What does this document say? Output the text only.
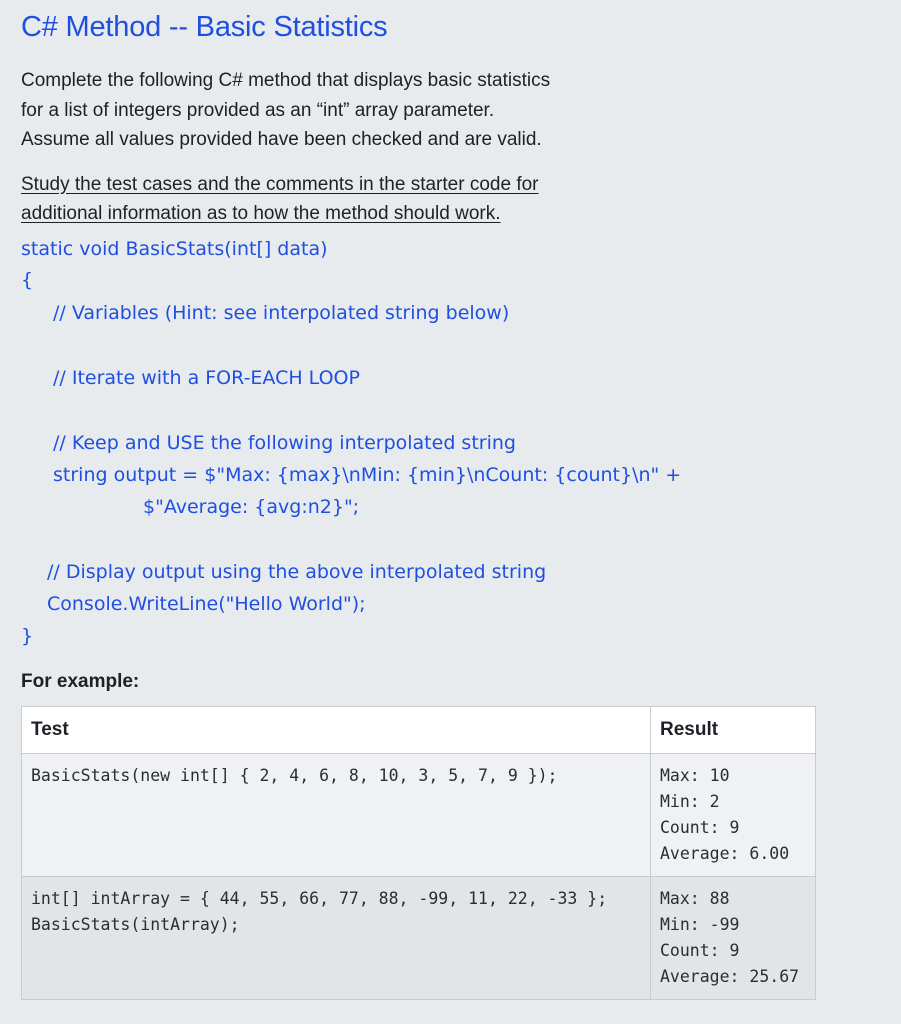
C# Method -- Basic Statistics

Complete the following C# method that displays basic statistics

for a list of integers provided as an “int” array parameter.

Assume all values provided have been checked and are valid.

Study the test cases and the comments in the starter code for

additional information as to how the method should work.

static void BasicStats(int[] data)
{
// Variables (Hint: see interpolated string below)
// Iterate with a FOR-EACH LOOP
// Keep and USE the following interpolated string
string output = $"Max: {max}\nMin: {min}\nCount: {count}\n" +
$"Average: {avg:n2}";
// Display output using the above interpolated string
Console.WriteLine("Hello World");
}
For example:
Test	Result
BasicStats(new int[] { 2, 4, 6, 8, 10, 3, 5, 7, 9 });	Max: 10
Min: 2
Count: 9
Average: 6.00
int[] intArray = { 44, 55, 66, 77, 88, -99, 11, 22, -33 };
BasicStats(intArray);	Max: 88
Min: -99
Count: 9
Average: 25.67
